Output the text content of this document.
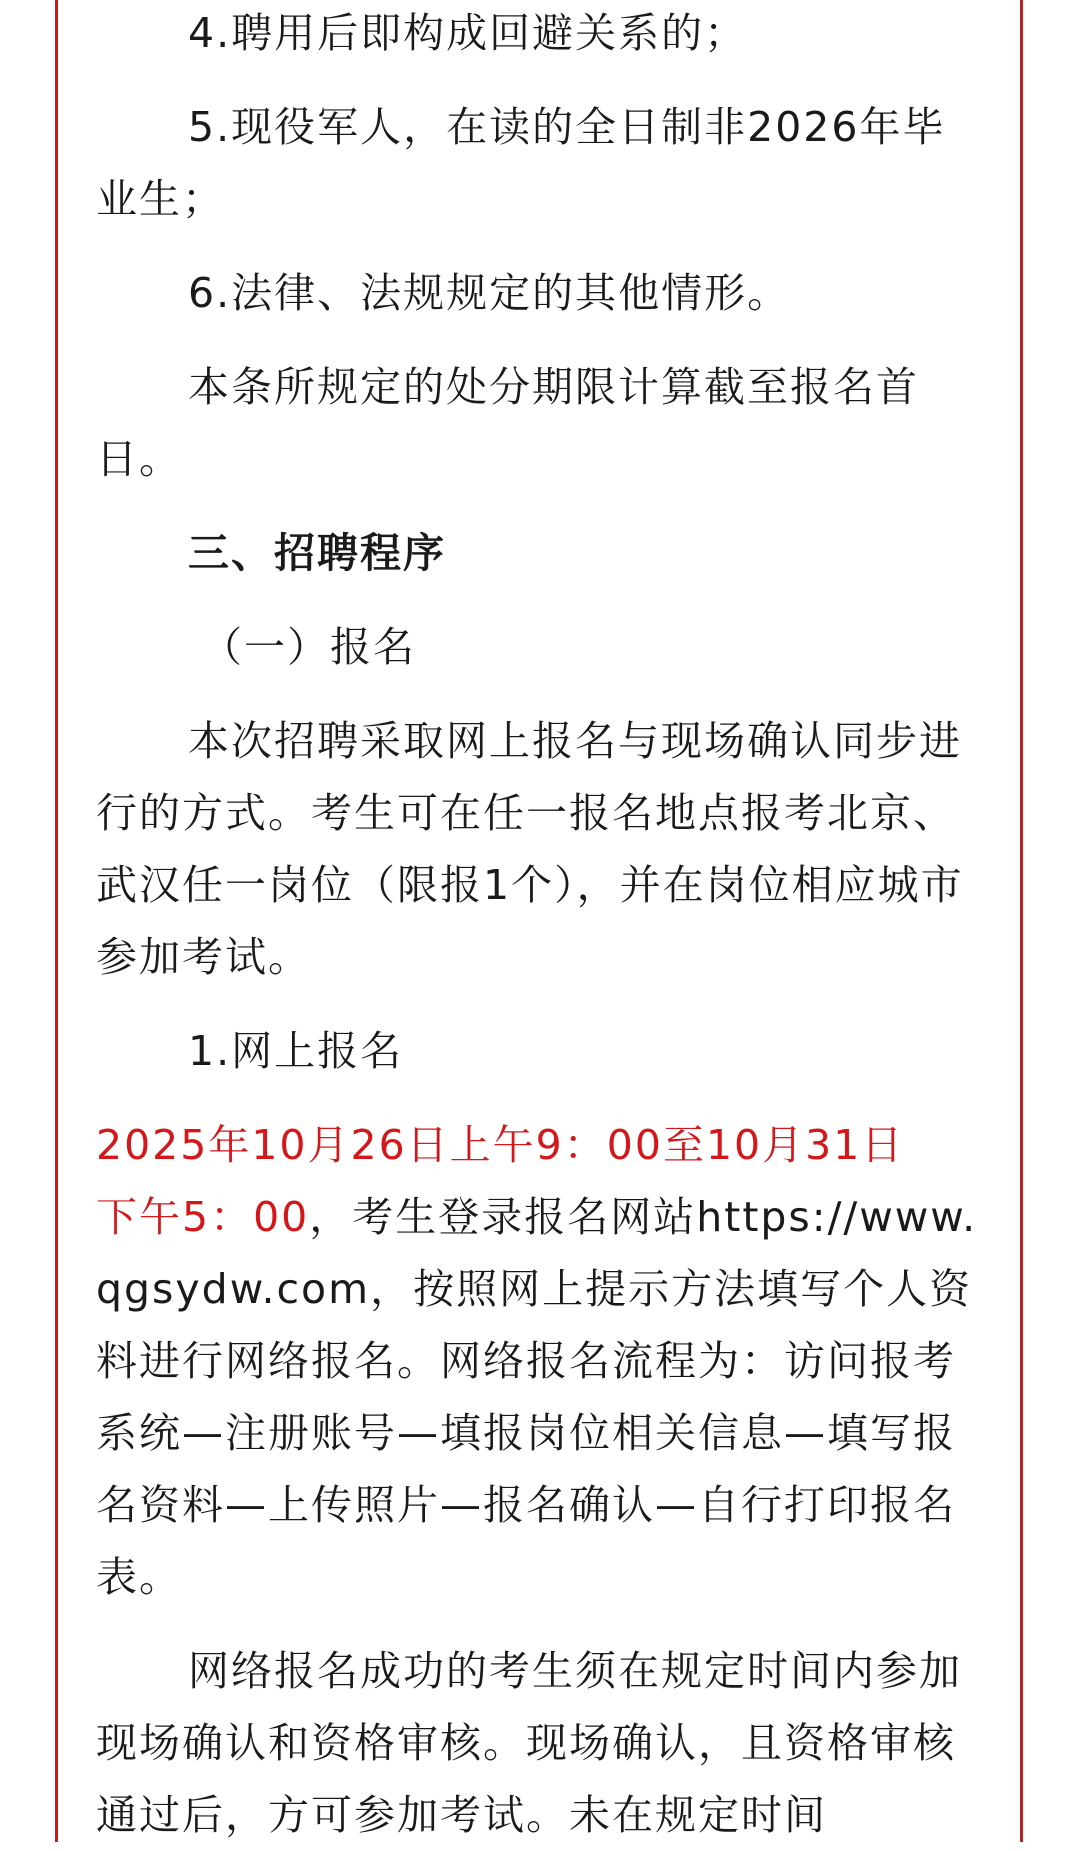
4.聘用后即构成回避关系的；

5.现役军人，在读的全日制非2026年毕业生；

6.法律、法规规定的其他情形。

本条所规定的处分期限计算截至报名首日。

三、招聘程序

（一）报名

本次招聘采取网上报名与现场确认同步进行的方式。考生可在任一报名地点报考北京、武汉任一岗位（限报1个），并在岗位相应城市参加考试。

1.网上报名

2025年10月26日上午9：00至10月31日

下午5：00，考生登录报名网站https://www.qgsydw.com，按照网上提示方法填写个人资料进行网络报名。网络报名流程为：访问报考系统—注册账号—填报岗位相关信息—填写报名资料—上传照片—报名确认—自行打印报名表。

网络报名成功的考生须在规定时间内参加现场确认和资格审核。现场确认，且资格审核通过后，方可参加考试。未在规定时间
